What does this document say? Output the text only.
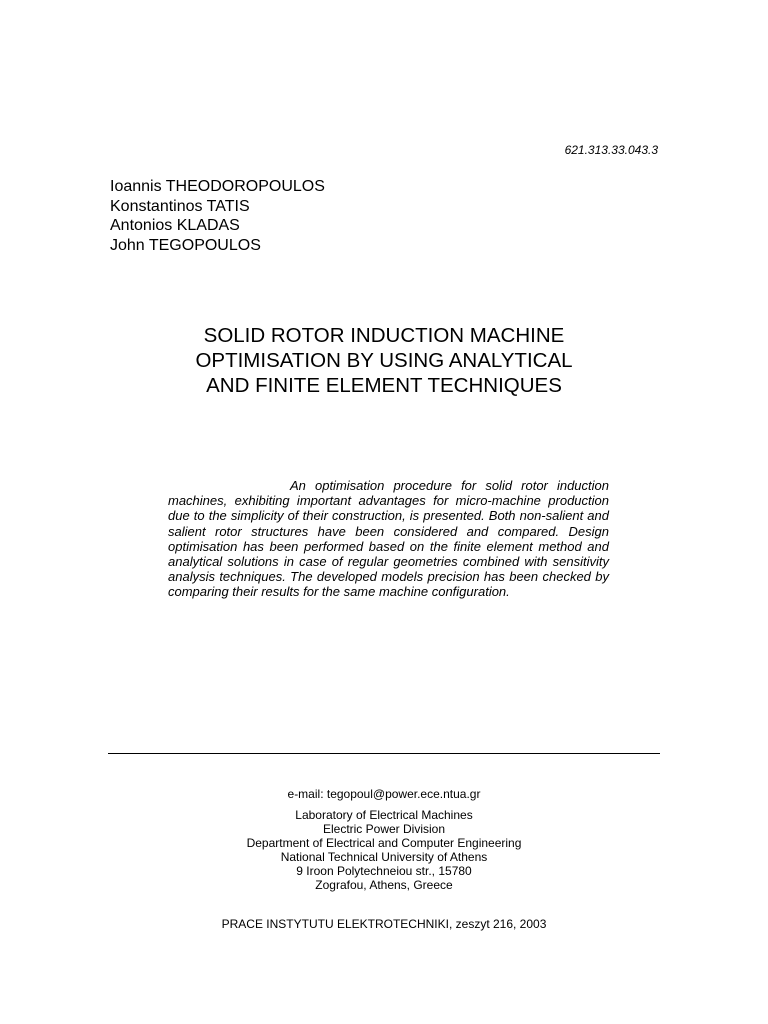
621.313.33.043.3
Ioannis THEODOROPOULOS
Konstantinos TATIS
Antonios KLADAS
John TEGOPOULOS
SOLID ROTOR INDUCTION MACHINE
OPTIMISATION BY USING ANALYTICAL
AND FINITE ELEMENT TECHNIQUES
An optimisation procedure for solid rotor induction machines, exhibiting important advantages for micro-machine production due to the simplicity of their construction, is presented. Both non-salient and salient rotor structures have been considered and compared. Design optimisation has been performed based on the finite element method and analytical solutions in case of regular geometries combined with sensitivity analysis techniques. The developed models precision has been checked by comparing their results for the same machine configuration.
e-mail: tegopoul@power.ece.ntua.gr
Laboratory of Electrical Machines
Electric Power Division
Department of Electrical and Computer Engineering
National Technical University of Athens
9 Iroon Polytechneiou str., 15780
Zografou, Athens, Greece
PRACE INSTYTUTU ELEKTROTECHNIKI, zeszyt 216, 2003
